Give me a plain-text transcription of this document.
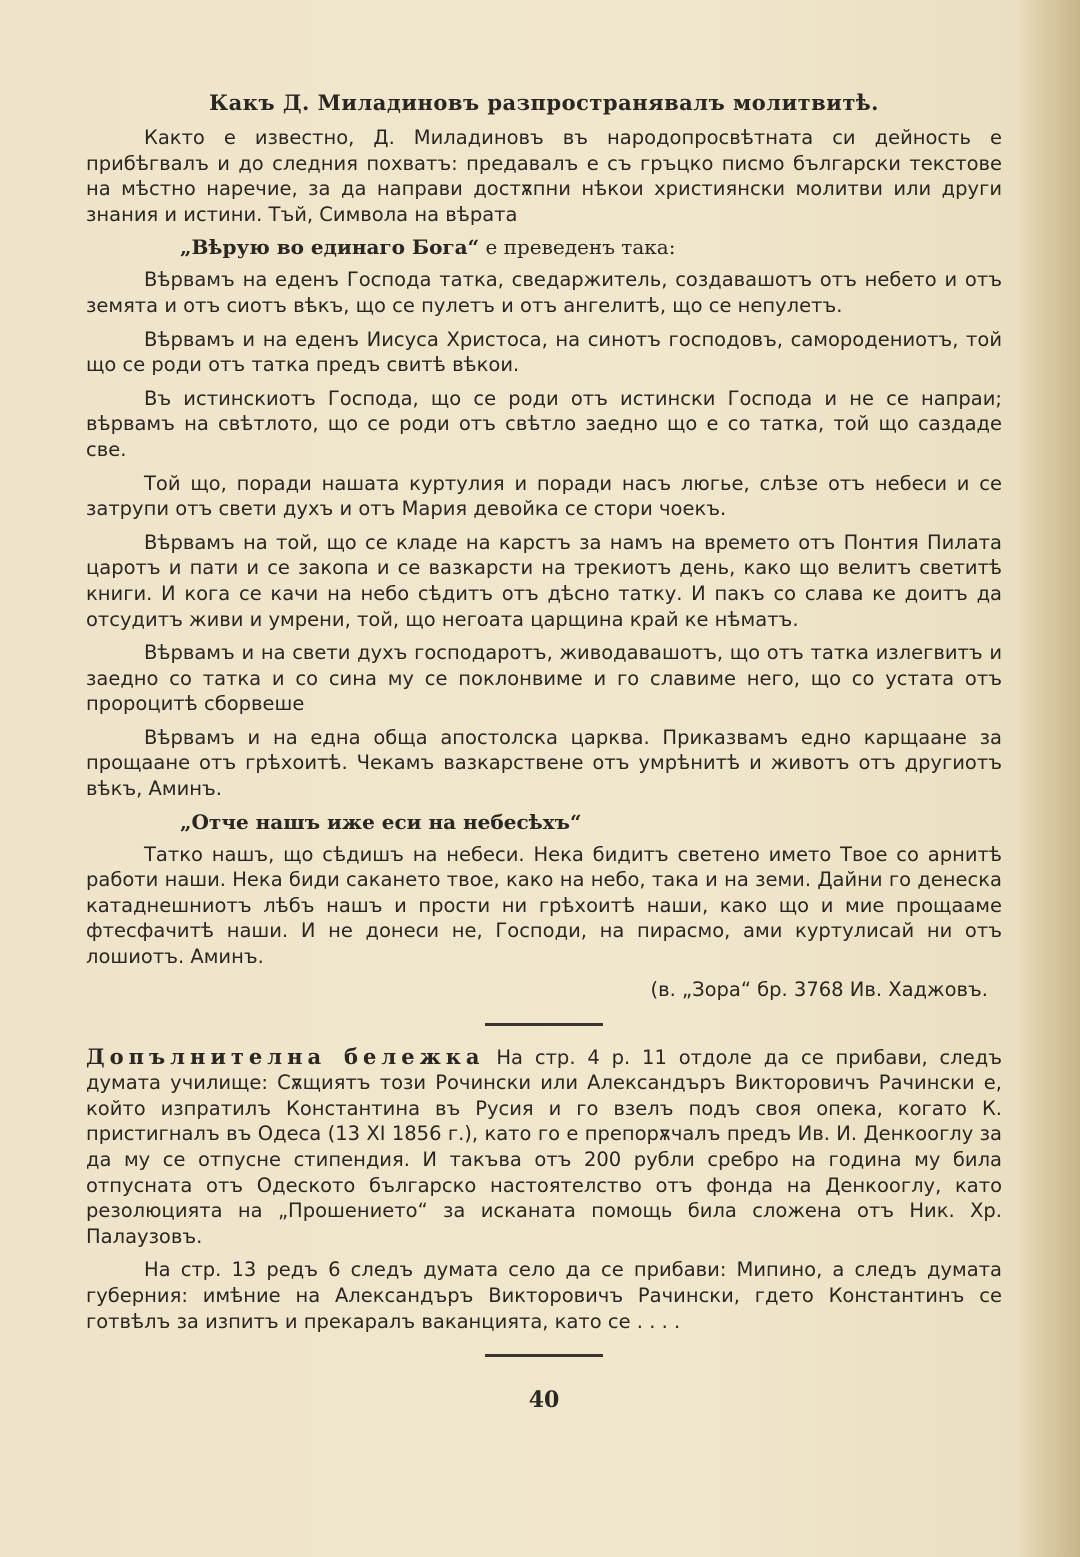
Какъ Д. Миладиновъ разпространявалъ молитвитѣ.

Както е известно, Д. Миладиновъ въ народопросвѣтната си дейность е прибѣгвалъ и до следния похватъ: предавалъ е съ гръцко писмо български текстове на мѣстно наречие, за да направи достѫпни нѣкои християнски молитви или други знания и истини. Тъй, Символа на вѣрата

„Вѣрую во единаго Бога“ е преведенъ така:

Вѣрвамъ на еденъ Господа татка, сведаржитель, создавашотъ отъ небето и отъ земята и отъ сиотъ вѣкъ, що се пулетъ и отъ ангелитѣ, що се непулетъ.

Вѣрвамъ и на еденъ Иисуса Христоса, на синотъ господовъ, самородениотъ, той що се роди отъ татка предъ свитѣ вѣкои.

Въ истинскиотъ Господа, що се роди отъ истински Господа и не се напраи; вѣрвамъ на свѣтлото, що се роди отъ свѣтло заедно що е со татка, той що саздаде све.

Той що, поради нашата куртулия и поради насъ люгье, слѣзе отъ небеси и се затрупи отъ свети духъ и отъ Мария девойка се стори чоекъ.

Вѣрвамъ на той, що се кладе на карстъ за намъ на времето отъ Понтия Пилата царотъ и пати и се закопа и се вазкарсти на трекиотъ день, како що велитъ светитѣ книги. И кога се качи на небо сѣдитъ отъ дѣсно татку. И пакъ со слава ке доитъ да отсудитъ живи и умрени, той, що негоата царщина край ке нѣматъ.

Вѣрвамъ и на свети духъ господаротъ, живодавашотъ, що отъ татка излегвитъ и заедно со татка и со сина му се поклонвиме и го славиме него, що со устата отъ пророцитѣ сборвеше

Вѣрвамъ и на една обща апостолска царква. Приказвамъ едно карщаане за прощаане отъ грѣхоитѣ. Чекамъ вазкарствене отъ умрѣнитѣ и животъ отъ другиотъ вѣкъ, Аминъ.

„Отче нашъ иже еси на небесѣхъ“

Татко нашъ, що сѣдишъ на небеси. Нека бидитъ светено името Твое со арнитѣ работи наши. Нека биди сакането твое, како на небо, така и на земи. Дайни го денеска катаднешниотъ лѣбъ нашъ и прости ни грѣхоитѣ наши, како що и мие прощаамe фтесфачитѣ наши. И не донеси не, Господи, на пирасмо, ами куртулисай ни отъ лошиотъ. Аминъ.

(в. „Зора“ бр. 3768 Ив. Хаджовъ.

Допълнителна бележка На стр. 4 р. 11 отдоле да се прибави, следъ думата училище: Сѫщиятъ този Рочински или Александъръ Викторовичъ Рачински е, който изпратилъ Константина въ Русия и го взелъ подъ своя опека, когато К. пристигналъ въ Одеса (13 XI 1856 г.), като го е препорѫчалъ предъ Ив. И. Денкооглу за да му се отпусне стипендия. И такъва отъ 200 рубли сребро на година му била отпусната отъ Одеското българско настоятелство отъ фонда на Денкооглу, като резолюцията на „Прошението“ за исканата помощь била сложена отъ Ник. Хр. Палаузовъ.

На стр. 13 редъ 6 следъ думата село да се прибави: Мипино, а следъ думата губерния: имѣние на Александъръ Викторовичъ Рачински, гдето Константинъ се готвѣлъ за изпитъ и прекаралъ ваканцията, като се . . . .

40
